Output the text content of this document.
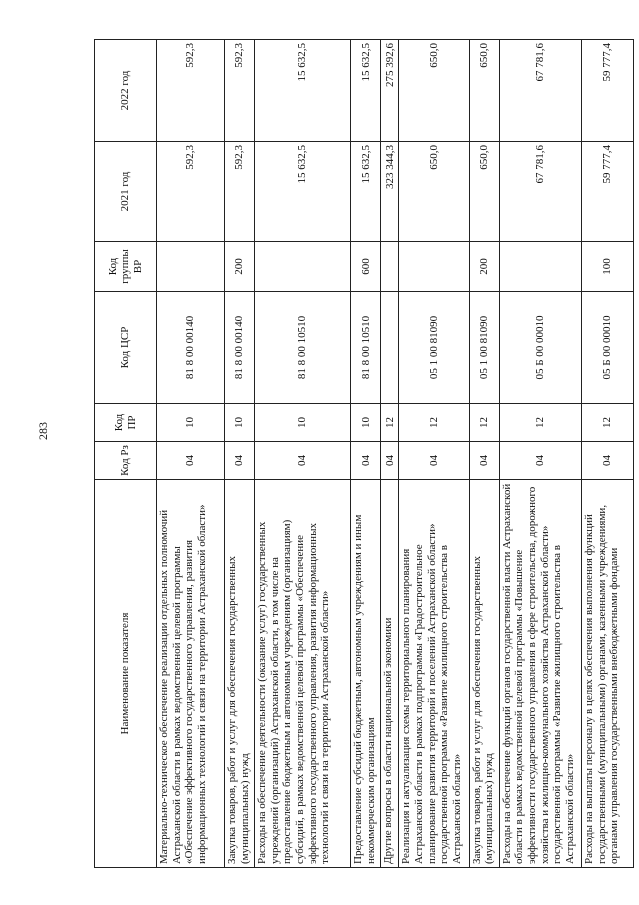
283
Наименование показателя	Код Рз	Код ПР	Код ЦСР	Код группы ВР	2021 год	2022 год
Материально-техническое обеспечение реализации отдельных полномочий Астраханской области в рамках ведомственной целевой программы «Обеспечение эффективного государственного управления, развития информационных технологий и связи на территории Астраханской области»	04	10	81 8 00 00140		592,3	592,3
Закупка товаров, работ и услуг для обеспечения государственных (муниципальных) нужд	04	10	81 8 00 00140	200	592,3	592,3
Расходы на обеспечение деятельности (оказание услуг) государственных учреждений (организаций) Астраханской области, в том числе на предоставление бюджетным и автономным учреждениям (организациям) субсидий, в рамках ведомственной целевой программы «Обеспечение эффективного государственного управления, развития информационных технологий и связи на территории Астраханской области»	04	10	81 8 00 10510		15 632,5	15 632,5
Предоставление субсидий бюджетным, автономным учреждениям и иным некоммерческим организациям	04	10	81 8 00 10510	600	15 632,5	15 632,5
Другие вопросы в области национальной экономики	04	12			323 344,3	275 392,6
Реализация и актуализация схемы территориального планирования Астраханской области в рамках подпрограммы «Градостроительное планирование развития территорий и поселений Астраханской области» государственной программы «Развитие жилищного строительства в Астраханской области»	04	12	05 1 00 81090		650,0	650,0
Закупка товаров, работ и услуг для обеспечения государственных (муниципальных) нужд	04	12	05 1 00 81090	200	650,0	650,0
Расходы на обеспечение функций органов государственной власти Астраханской области в рамках ведомственной целевой программы «Повышение эффективности государственного управления в сфере строительства, дорожного хозяйства и жилищно-коммунального хозяйства Астраханской области» государственной программы «Развитие жилищного строительства в Астраханской области»	04	12	05 Б 00 00010		67 781,6	67 781,6
Расходы на выплаты персоналу в целях обеспечения выполнения функций государственными (муниципальными) органами, казенными учреждениями, органами управления государственными внебюджетными фондами	04	12	05 Б 00 00010	100	59 777,4	59 777,4
